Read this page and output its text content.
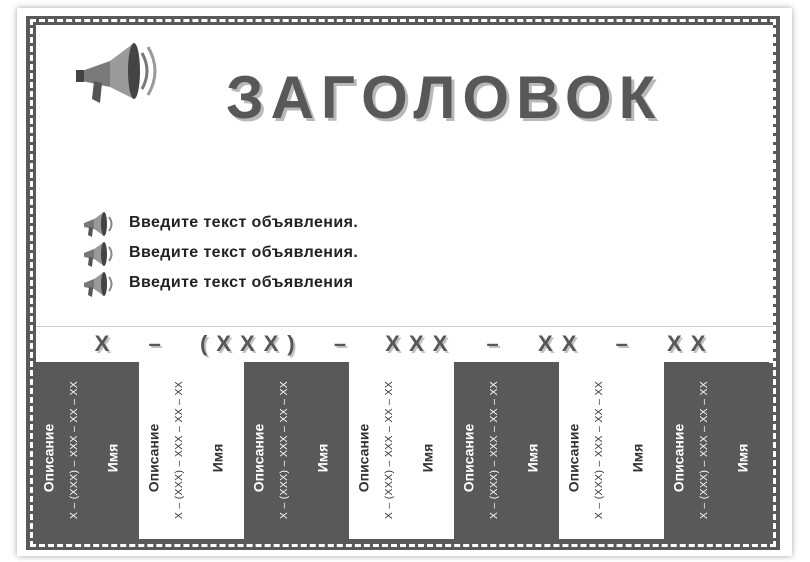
ЗАГОЛОВОК
Введите текст объявления.
Введите текст объявления.
Введите текст объявления
X  –  (XXX)  –  XXX  –  XX  –  XX
Описание X – (XXX) – XXX – XX – XX Имя Описание X – (XXX) – XXX – XX – XX Имя Описание X – (XXX) – XXX – XX – XX Имя Описание X – (XXX) – XXX – XX – XX Имя Описание X – (XXX) – XXX – XX – XX Имя Описание X – (XXX) – XXX – XX – XX Имя Описание X – (XXX) – XXX – XX – XX Имя
